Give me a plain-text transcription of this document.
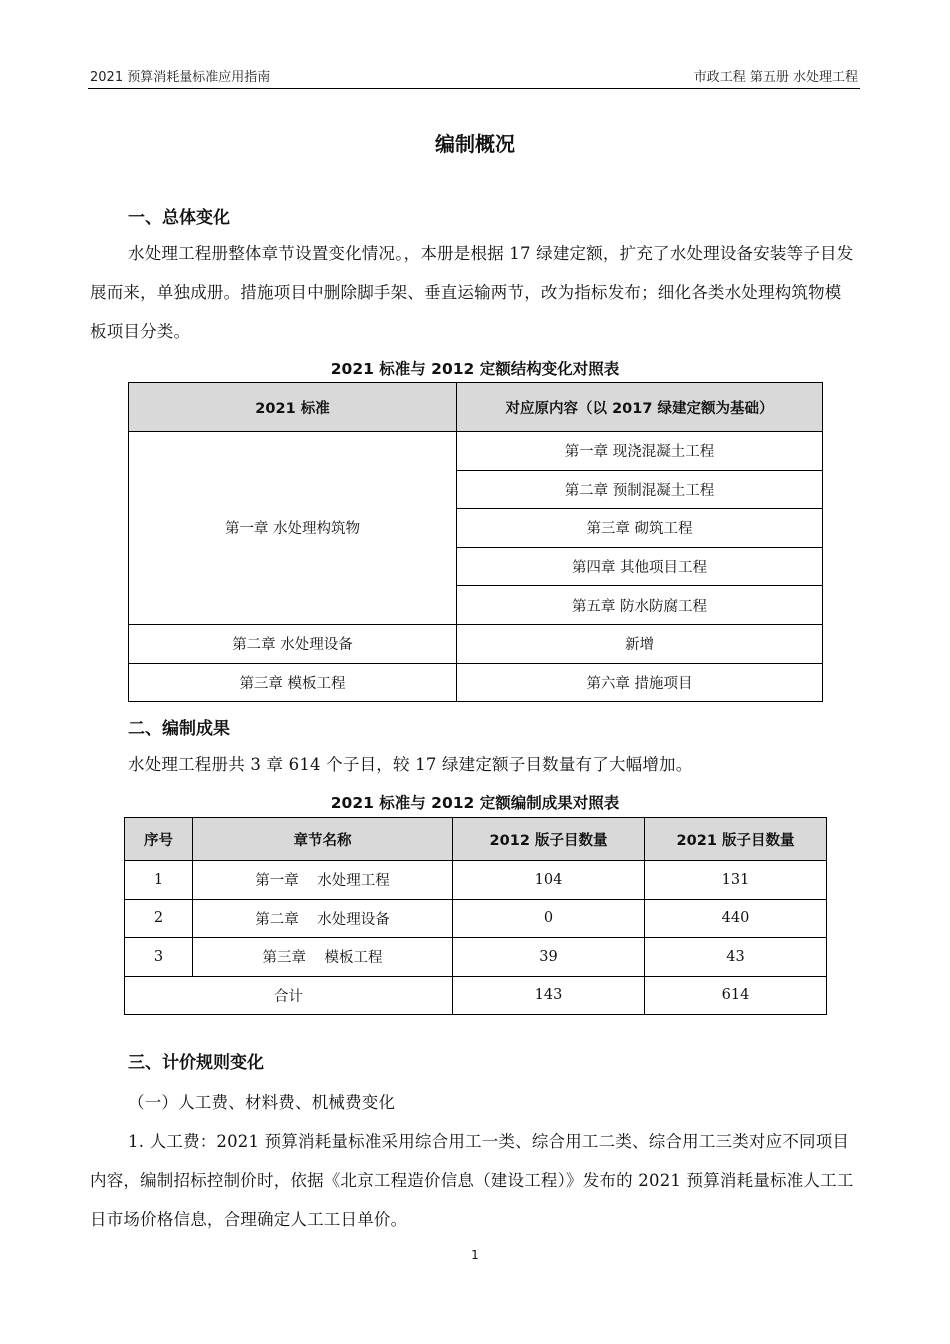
2021 预算消耗量标准应用指南	市政工程 第五册 水处理工程
编制概况
一、总体变化
水处理工程册整体章节设置变化情况。，本册是根据 17 绿建定额，扩充了水处理设备安装等子目发展而来，单独成册。措施项目中删除脚手架、垂直运输两节，改为指标发布；细化各类水处理构筑物模板项目分类。
2021 标准与 2012 定额结构变化对照表
2021 标准	对应原内容（以 2017 绿建定额为基础）
第一章 水处理构筑物	第一章 现浇混凝土工程
	第二章 预制混凝土工程
	第三章 砌筑工程
	第四章 其他项目工程
	第五章 防水防腐工程
第二章 水处理设备	新增
第三章 模板工程	第六章 措施项目
二、编制成果
水处理工程册共 3 章 614 个子目，较 17 绿建定额子目数量有了大幅增加。
2021 标准与 2012 定额编制成果对照表
序号	章节名称	2012 版子目数量	2021 版子目数量
1	第一章    水处理工程	104	131
2	第二章    水处理设备	0	440
3	第三章    模板工程	39	43
合计		143	614
三、计价规则变化
（一）人工费、材料费、机械费变化
1. 人工费：2021 预算消耗量标准采用综合用工一类、综合用工二类、综合用工三类对应不同项目内容，编制招标控制价时，依据《北京工程造价信息（建设工程）》发布的 2021 预算消耗量标准人工工日市场价格信息，合理确定人工工日单价。
1
